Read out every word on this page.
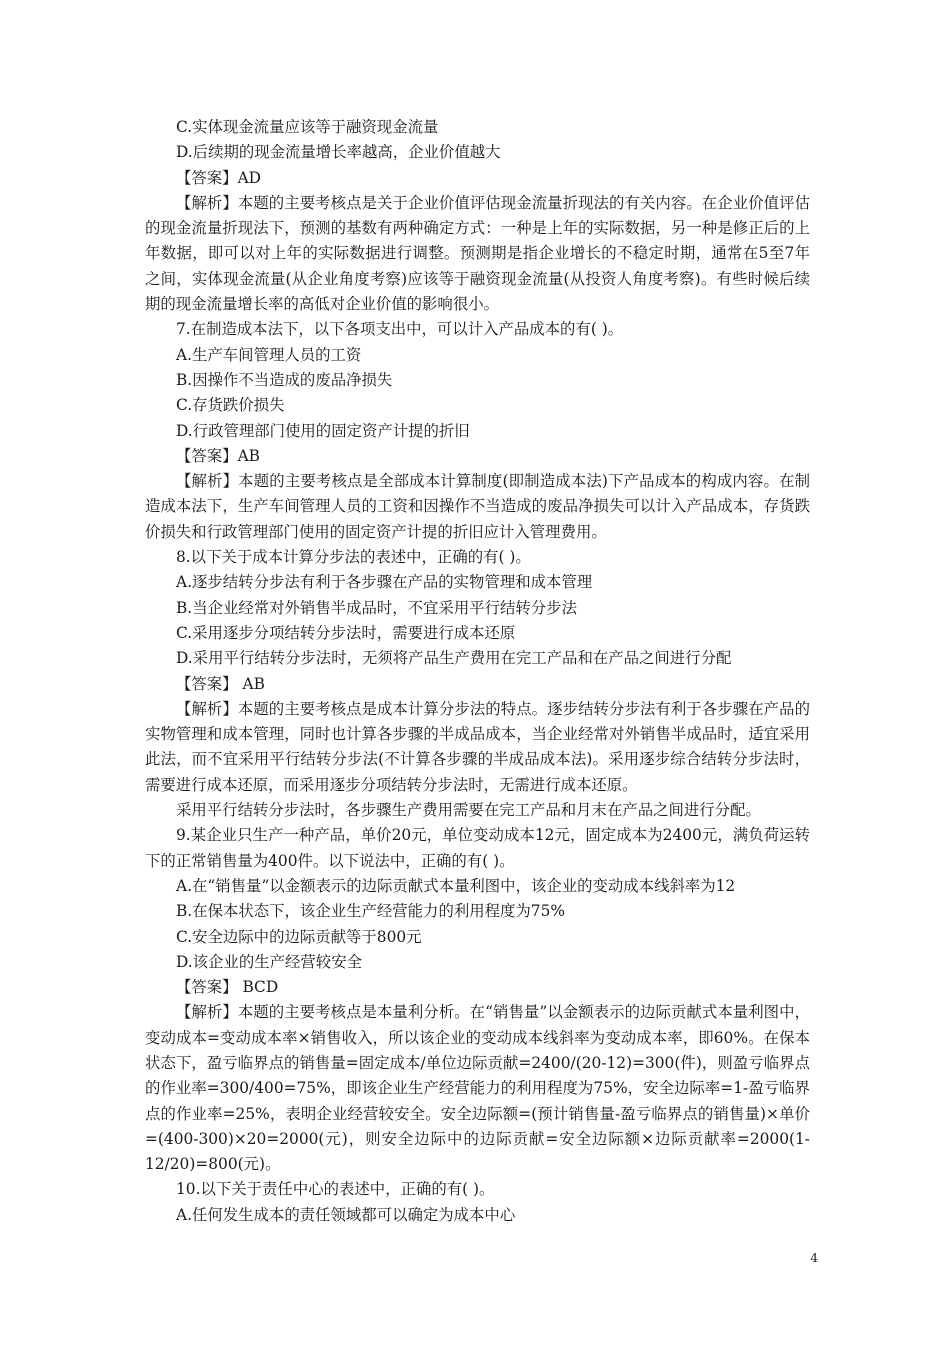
C.实体现金流量应该等于融资现金流量

D.后续期的现金流量增长率越高，企业价值越大

【答案】AD

【解析】本题的主要考核点是关于企业价值评估现金流量折现法的有关内容。在企业价值评估的现金流量折现法下，预测的基数有两种确定方式：一种是上年的实际数据，另一种是修正后的上年数据，即可以对上年的实际数据进行调整。预测期是指企业增长的不稳定时期，通常在5至7年之间，实体现金流量(从企业角度考察)应该等于融资现金流量(从投资人角度考察)。有些时候后续期的现金流量增长率的高低对企业价值的影响很小。

7.在制造成本法下，以下各项支出中，可以计入产品成本的有( )。

A.生产车间管理人员的工资

B.因操作不当造成的废品净损失

C.存货跌价损失

D.行政管理部门使用的固定资产计提的折旧

【答案】AB

【解析】本题的主要考核点是全部成本计算制度(即制造成本法)下产品成本的构成内容。在制造成本法下，生产车间管理人员的工资和因操作不当造成的废品净损失可以计入产品成本，存货跌价损失和行政管理部门使用的固定资产计提的折旧应计入管理费用。

8.以下关于成本计算分步法的表述中，正确的有( )。

A.逐步结转分步法有利于各步骤在产品的实物管理和成本管理

B.当企业经常对外销售半成品时，不宜采用平行结转分步法

C.采用逐步分项结转分步法时，需要进行成本还原

D.采用平行结转分步法时，无须将产品生产费用在完工产品和在产品之间进行分配

【答案】 AB

【解析】本题的主要考核点是成本计算分步法的特点。逐步结转分步法有利于各步骤在产品的实物管理和成本管理，同时也计算各步骤的半成品成本，当企业经常对外销售半成品时，适宜采用此法，而不宜采用平行结转分步法(不计算各步骤的半成品成本法)。采用逐步综合结转分步法时，需要进行成本还原，而采用逐步分项结转分步法时，无需进行成本还原。

采用平行结转分步法时，各步骤生产费用需要在完工产品和月末在产品之间进行分配。

9.某企业只生产一种产品，单价20元，单位变动成本12元，固定成本为2400元，满负荷运转下的正常销售量为400件。以下说法中，正确的有( )。

A.在“销售量”以金额表示的边际贡献式本量利图中，该企业的变动成本线斜率为12

B.在保本状态下，该企业生产经营能力的利用程度为75%

C.安全边际中的边际贡献等于800元

D.该企业的生产经营较安全

【答案】 BCD

【解析】本题的主要考核点是本量利分析。在“销售量”以金额表示的边际贡献式本量利图中，变动成本=变动成本率×销售收入，所以该企业的变动成本线斜率为变动成本率，即60%。在保本状态下，盈亏临界点的销售量=固定成本/单位边际贡献=2400/(20-12)=300(件)，则盈亏临界点的作业率=300/400=75%，即该企业生产经营能力的利用程度为75%，安全边际率=1-盈亏临界点的作业率=25%，表明企业经营较安全。安全边际额=(预计销售量-盈亏临界点的销售量)×单价=(400-300)×20=2000(元)，则安全边际中的边际贡献=安全边际额×边际贡献率=2000(1-12/20)=800(元)。

10.以下关于责任中心的表述中，正确的有( )。

A.任何发生成本的责任领域都可以确定为成本中心

4
